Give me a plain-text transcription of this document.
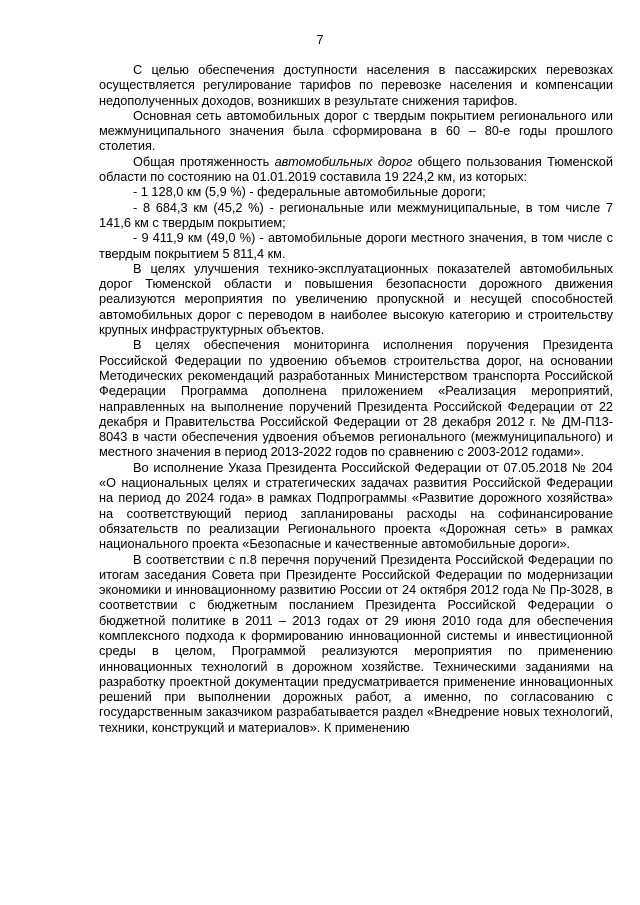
7

С целью обеспечения доступности населения в пассажирских перевозках осуществляется регулирование тарифов по перевозке населения и компенсации недополученных доходов, возникших в результате снижения тарифов.

Основная сеть автомобильных дорог с твердым покрытием регионального или межмуниципального значения была сформирована в 60 – 80-е годы прошлого столетия.

Общая протяженность автомобильных дорог общего пользования Тюменской области по состоянию на 01.01.2019 составила 19 224,2 км, из которых:

- 1 128,0 км (5,9 %) - федеральные автомобильные дороги;

- 8 684,3 км (45,2 %) - региональные или межмуниципальные, в том числе 7 141,6 км с твердым покрытием;

- 9 411,9 км (49,0 %) - автомобильные дороги местного значения, в том числе с твердым покрытием 5 811,4 км.

В целях улучшения технико-эксплуатационных показателей автомобильных дорог Тюменской области и повышения безопасности дорожного движения реализуются мероприятия по увеличению пропускной и несущей способностей автомобильных дорог с переводом в наиболее высокую категорию и строительству крупных инфраструктурных объектов.

В целях обеспечения мониторинга исполнения поручения Президента Российской Федерации по удвоению объемов строительства дорог, на основании Методических рекомендаций разработанных Министерством транспорта Российской Федерации Программа дополнена приложением «Реализация мероприятий, направленных на выполнение поручений Президента Российской Федерации от 22 декабря и Правительства Российской Федерации от 28 декабря 2012 г. № ДМ-П13-8043 в части обеспечения удвоения объемов регионального (межмуниципального) и местного значения в период 2013-2022 годов по сравнению с 2003-2012 годами».

Во исполнение Указа Президента Российской Федерации от 07.05.2018 № 204 «О национальных целях и стратегических задачах развития Российской Федерации на период до 2024 года» в рамках Подпрограммы «Развитие дорожного хозяйства» на соответствующий период запланированы расходы на софинансирование обязательств по реализации Регионального проекта «Дорожная сеть» в рамках национального проекта «Безопасные и качественные автомобильные дороги».

В соответствии с п.8 перечня поручений Президента Российской Федерации по итогам заседания Совета при Президенте Российской Федерации по модернизации экономики и инновационному развитию России от 24 октября 2012 года № Пр-3028, в соответствии с бюджетным посланием Президента Российской Федерации о бюджетной политике в 2011 – 2013 годах от 29 июня 2010 года для обеспечения комплексного подхода к формированию инновационной системы и инвестиционной среды в целом, Программой реализуются мероприятия по применению инновационных технологий в дорожном хозяйстве. Техническими заданиями на разработку проектной документации предусматривается применение инновационных решений при выполнении дорожных работ, а именно, по согласованию с государственным заказчиком разрабатывается раздел «Внедрение новых технологий, техники, конструкций и материалов». К применению
